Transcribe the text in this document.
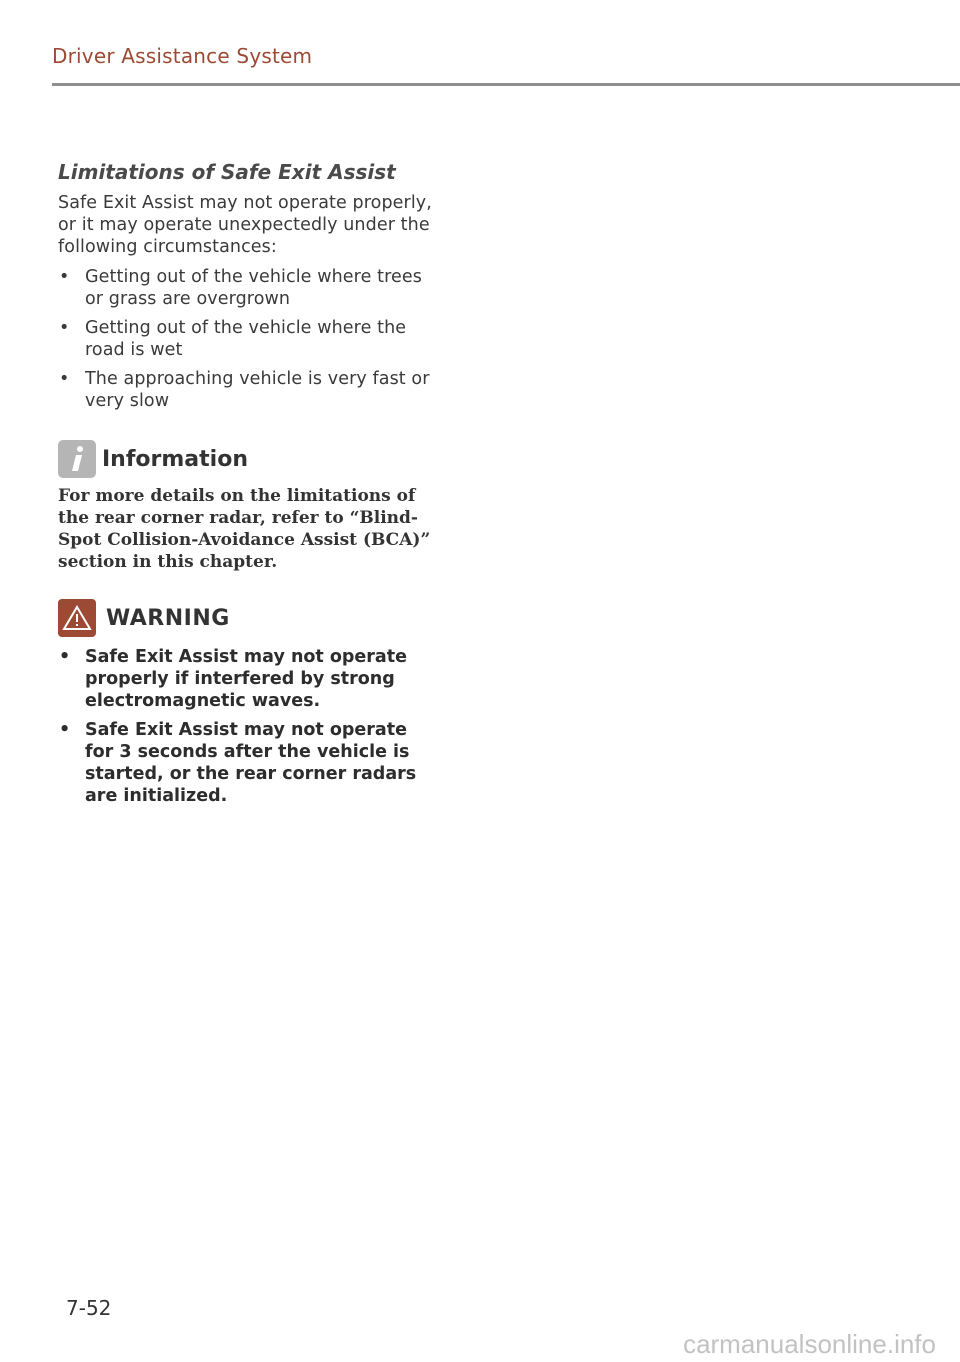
Driver Assistance System
Limitations of Safe Exit Assist

Safe Exit Assist may not operate properly, or it may operate unexpectedly under the following circumstances:

• Getting out of the vehicle where trees or grass are overgrown
• Getting out of the vehicle where the road is wet
• The approaching vehicle is very fast or very slow
Information
For more details on the limitations of the rear corner radar, refer to “Blind-Spot Collision-Avoidance Assist (BCA)” section in this chapter.
WARNING
• Safe Exit Assist may not operate properly if interfered by strong electromagnetic waves.
• Safe Exit Assist may not operate for 3 seconds after the vehicle is started, or the rear corner radars are initialized.
7-52
carmanualsonline.info
